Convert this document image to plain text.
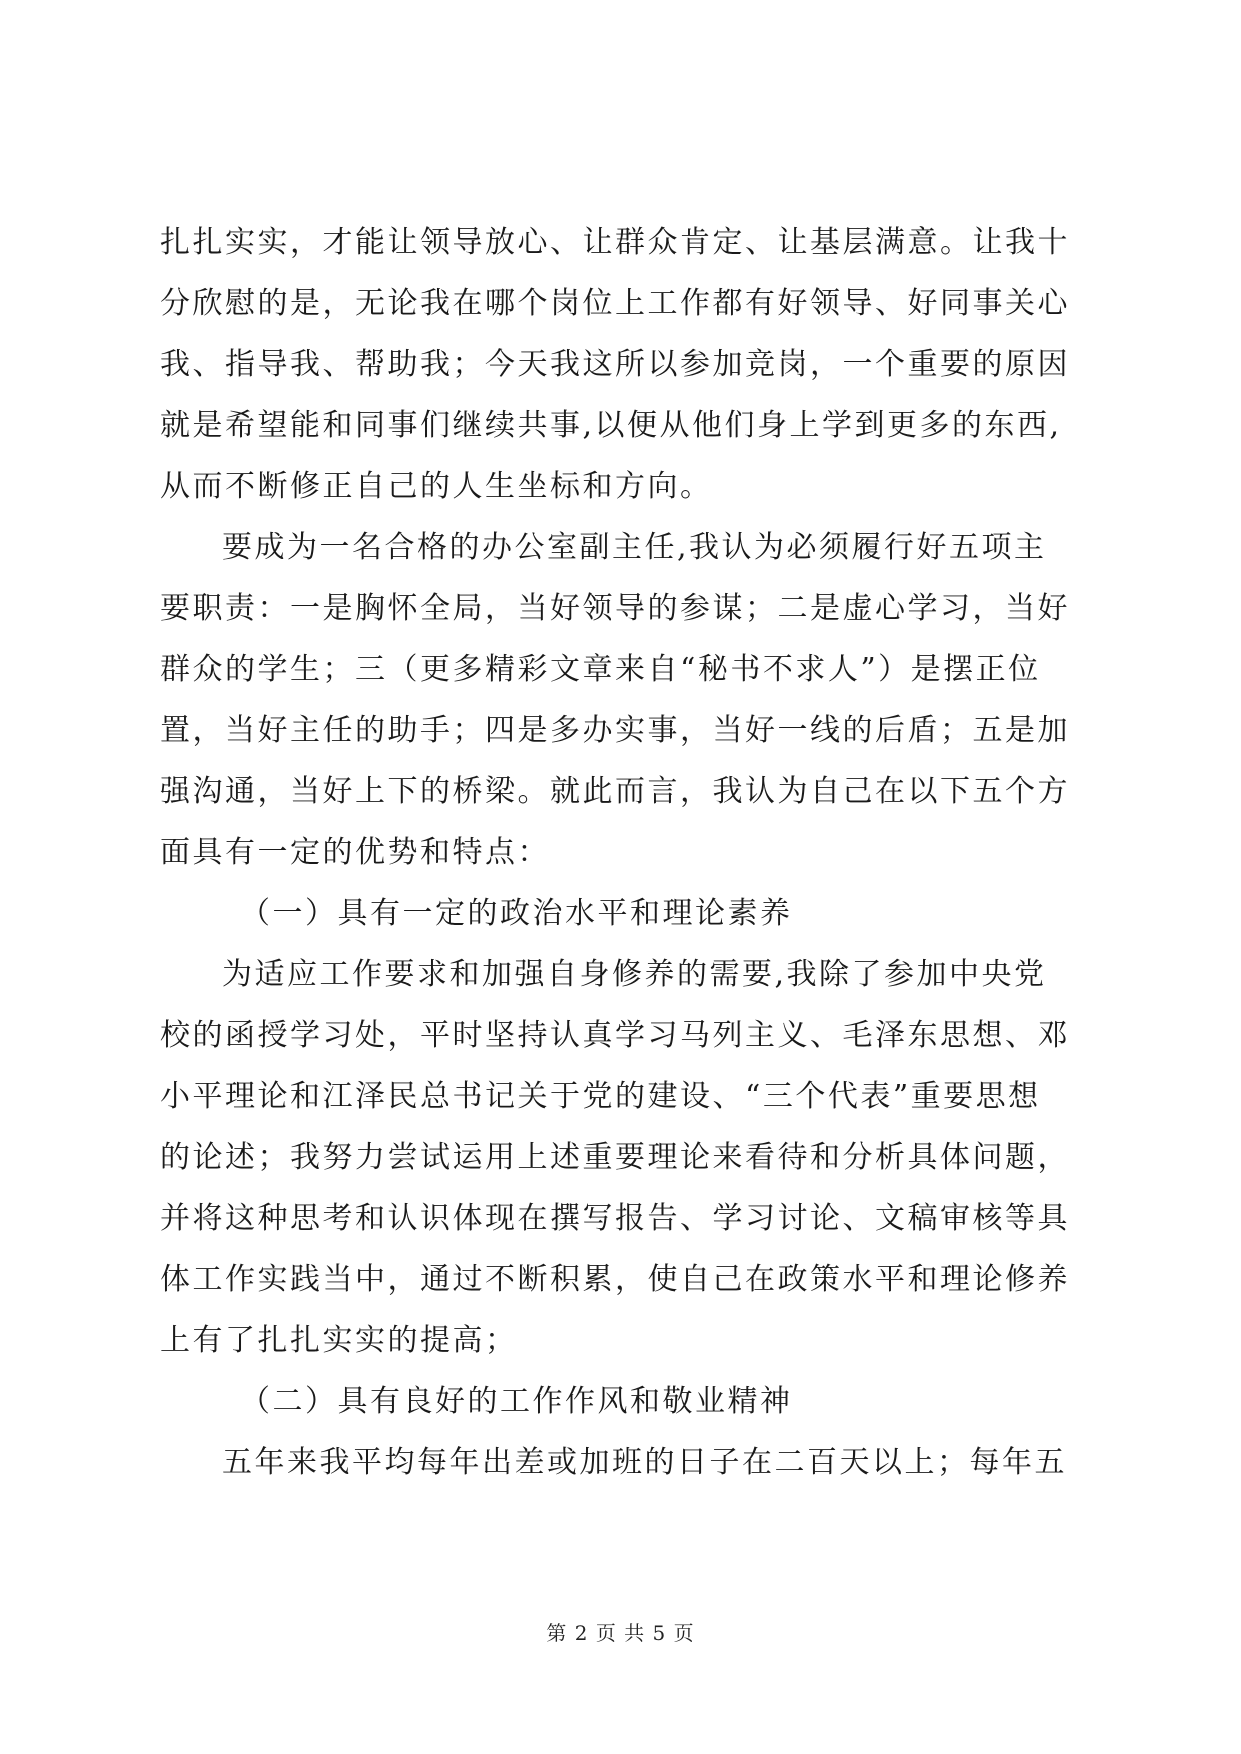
扎扎实实，才能让领导放心、让群众肯定、让基层满意。让我十
分欣慰的是，无论我在哪个岗位上工作都有好领导、好同事关心
我、指导我、帮助我；今天我这所以参加竞岗，一个重要的原因
就是希望能和同事们继续共事,以便从他们身上学到更多的东西,
从而不断修正自己的人生坐标和方向。
要成为一名合格的办公室副主任,我认为必须履行好五项主
要职责：一是胸怀全局，当好领导的参谋；二是虚心学习，当好
群众的学生；三（更多精彩文章来自“秘书不求人”）是摆正位
置，当好主任的助手；四是多办实事，当好一线的后盾；五是加
强沟通，当好上下的桥梁。就此而言，我认为自己在以下五个方
面具有一定的优势和特点：
（一）具有一定的政治水平和理论素养
为适应工作要求和加强自身修养的需要,我除了参加中央党
校的函授学习处，平时坚持认真学习马列主义、毛泽东思想、邓
小平理论和江泽民总书记关于党的建设、“三个代表”重要思想
的论述；我努力尝试运用上述重要理论来看待和分析具体问题，
并将这种思考和认识体现在撰写报告、学习讨论、文稿审核等具
体工作实践当中，通过不断积累，使自己在政策水平和理论修养
上有了扎扎实实的提高；
（二）具有良好的工作作风和敬业精神
五年来我平均每年出差或加班的日子在二百天以上；每年五
第 2 页 共 5 页
